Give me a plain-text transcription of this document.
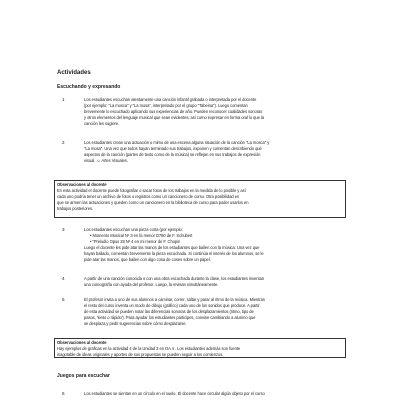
Actividades
Escuchando y expresando
1	Los estudiantes escuchan atentamente una canción infantil grabada o interpretada por el docente
(por ejemplo: "La mosca" y "La mosa", interpretado por el grupo "Tabeina"). Luego comentan
brevemente lo escuchado aplicando sus experiencias de año. Pueden reconocer cualidades sonoras
y otros elementos del lenguaje musical que sean evidentes; así como expresar en forma oral lo que la
canción les sugiere.
2	Los estudiantes crean una actuación o mimo de una escena alguna situación de la canción "La mosca" y
"La mosa". Una vez que todos hayan terminado sus trabajos, exponen y comentan describiendo qué
aspectos de la canción (partes de texto como de la música) se reflejan en sus trabajos de expresión
visual. ☺ Artes Visuales.
Observaciones al docente
En esta actividad el docente puede fotografiar o sacar fotos de los trabajos en la medida de lo posible y así
cada uno podría tener un archivo de fotos o registros como un cancionero de curso. Otra posibilidad es
que se armen las actuaciones y queden como un cancionero en la biblioteca de curso para poder usarlos en
trabajos posteriores.
3	Los estudiantes escuchan una pieza corta (por ejemplo:
• Momento Musical Nº 3 en fa menor D780 de F. Schubert
• "Preludio Opus 28 Nº 4 en mi menor de F. Chopin
Luego el docente les pide atar las manos de los estudiantes que bailen con la música. Una vez que
hayan bailado, comentan brevemente la pieza escuchada. Si continúa el interés de los alumnos, se le
pide atar las manos, que bailen con algo cosa de coses sobre un papel.
4	A partir de una canción conocida o con una obra escuchada durante la clase, los estudiantes inventan
una coreografía con ayuda del profesor. Luego, la revisan simultáneamente.
5	El profesor invita a uno de sus alumnos a caminar, correr, saltar y parar al ritmo de la música. Mientras
el resto del curso inventa un modo de dibujo (gráfico) cada uno de los sonidos que produce. A partir
de esta actividad se pueden notar las diferencias sonoras de los desplazamientos (ritmo, tipo de
pasos, 'lento o rápido'). Para ayudar los estudiantes participes, convine cambiando a alumno que
se desplaza y pedir sugerencias sobre cómo desplazarse.
Observaciones al docente
Hay ejemplos de graficas en la actividad 4 de la Unidad 3 en OA 4 . Los estudiantes además son fuente
inagotable de ideas originales y aportes de sus propuestas se pueden seguir a los comienzos.
Juegos para escuchar
6	Los estudiantes se sientan en un círculo en el suelo. El docente hace circular algún objeto por el curso
